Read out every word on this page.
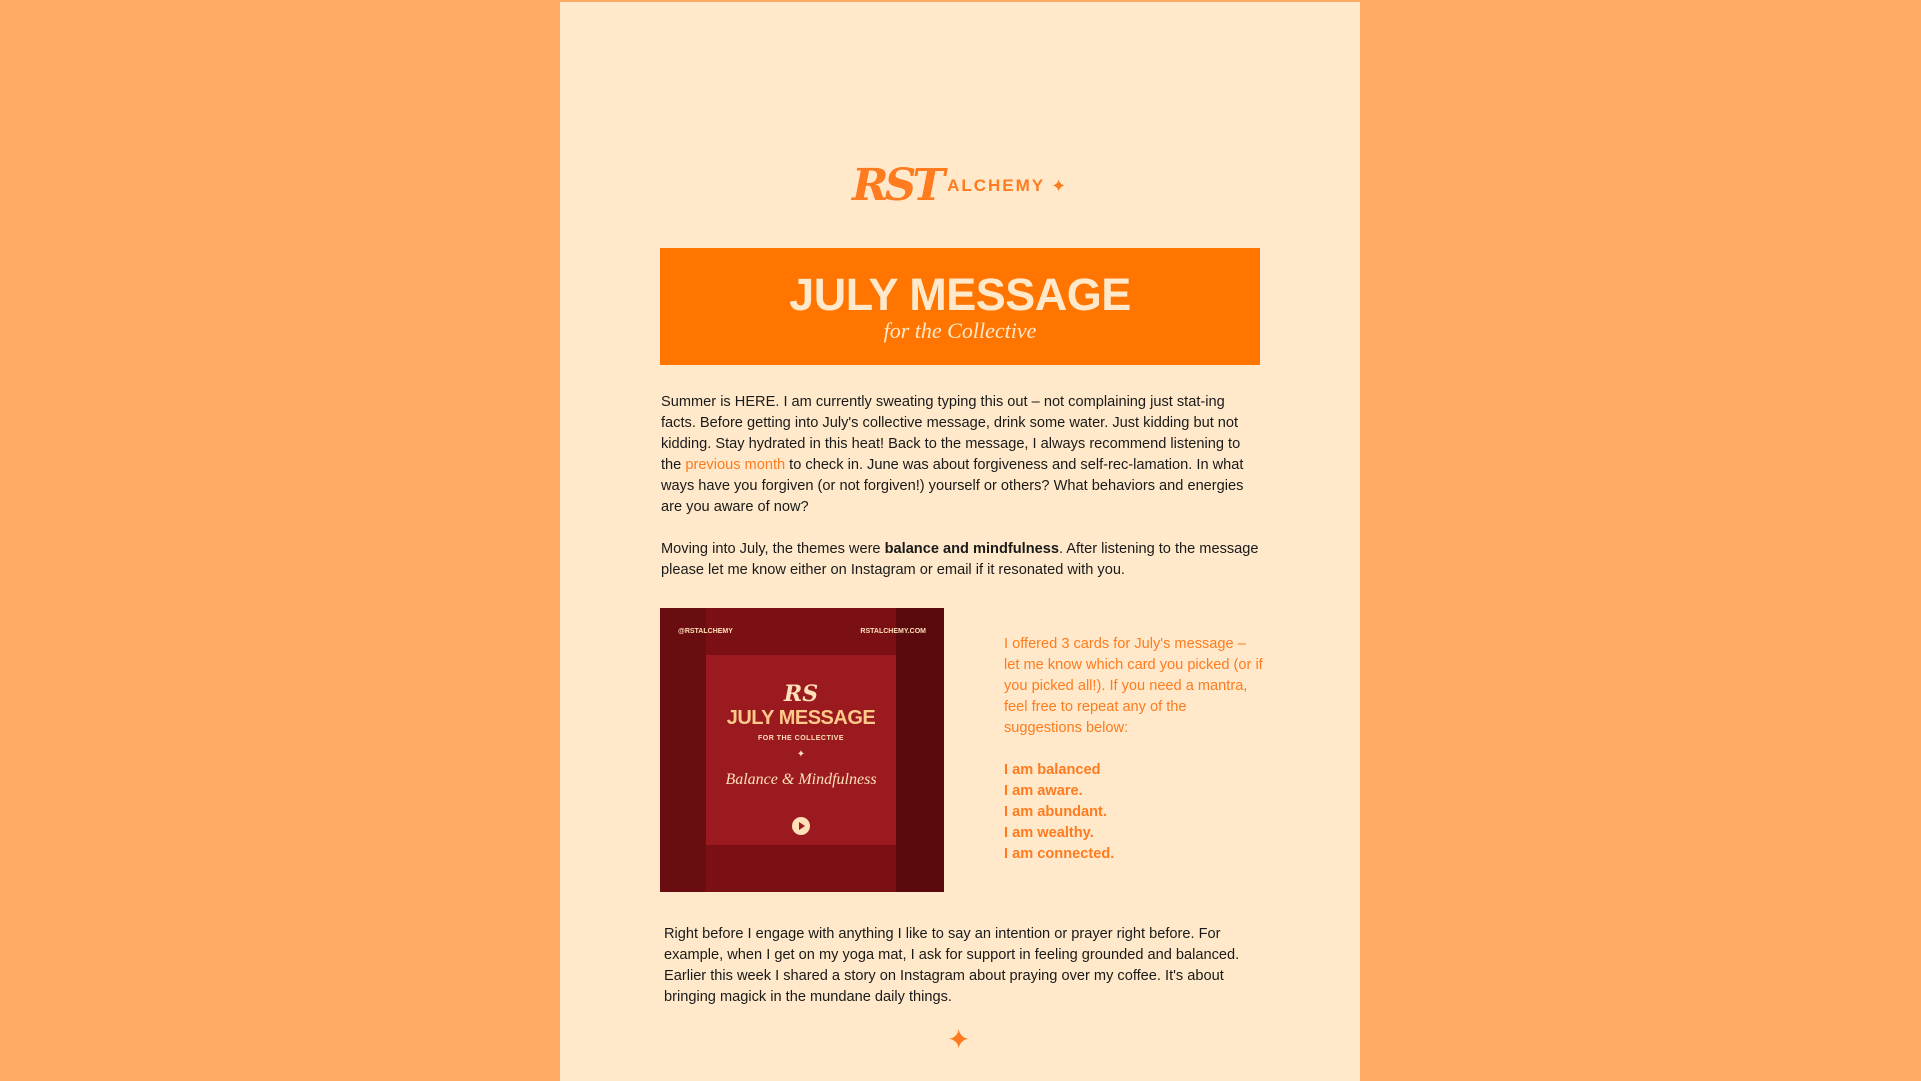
RST ALCHEMY ✦
JULY MESSAGE
for the Collective
Summer is HERE. I am currently sweating typing this out – not complaining just stat-ing facts. Before getting into July's collective message, drink some water. Just kidding but not kidding. Stay hydrated in this heat! Back to the message, I always recommend listening to the previous month to check in. June was about forgiveness and self-rec-lamation. In what ways have you forgiven (or not forgiven!) yourself or others? What behaviors and energies are you aware of now?
Moving into July, the themes were balance and mindfulness. After listening to the message please let me know either on Instagram or email if it resonated with you.
@RSTALCHEMY	RSTALCHEMY.COM
RS
JULY MESSAGE
FOR THE COLLECTIVE
✦
Balance & Mindfulness
I offered 3 cards for July's message – let me know which card you picked (or if you picked all!). If you need a mantra, feel free to repeat any of the suggestions below:
I am balanced
I am aware.
I am abundant.
I am wealthy.
I am connected.
Right before I engage with anything I like to say an intention or prayer right before. For example, when I get on my yoga mat, I ask for support in feeling grounded and balanced. Earlier this week I shared a story on Instagram about praying over my coffee. It's about bringing magick in the mundane daily things.
✦
